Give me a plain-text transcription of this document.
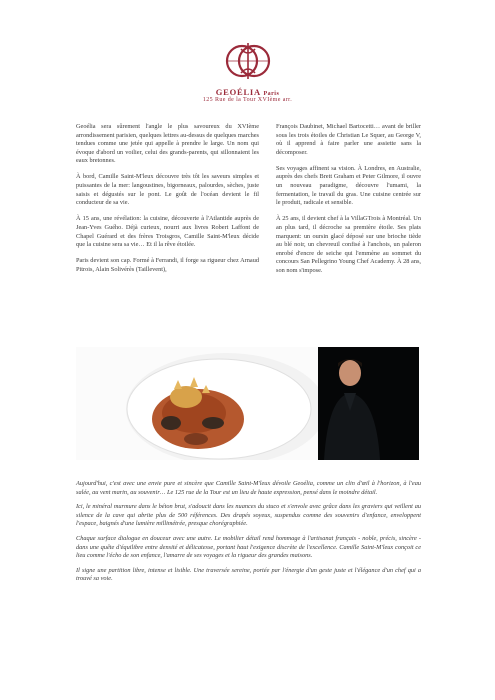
GEOÉLIA Paris
125 Rue de la Tour XVIème arr.

Geoélia sera sûrement l'angle le plus savoureux du XVIème arrondissement parisien, quelques lettres au-dessus de quelques marches tendues comme une jetée qui appelle à prendre le large. Un nom qui évoque d'abord un voilier, celui des grands-parents, qui sillonnaient les eaux bretonnes.

À bord, Camille Saint-M'leux découvre très tôt les saveurs simples et puissantes de la mer: langoustines, bigorneaux, palourdes, sèches, juste saisis et dégustés sur le pont. Le goût de l'océan devient le fil conducteur de sa vie.

À 15 ans, une révélation: la cuisine, découverte à l'Atlantide auprès de Jean-Yves Guého. Déjà curieux, nourri aux livres Robert Laffont de Chapel Guérard et des frères Troisgros, Camille Saint-M'leux décide que la cuisine sera sa vie… Et il la rêve étoilée.

Paris devient son cap. Formé à Ferrandi, il forge sa rigueur chez Arnaud Pitrois, Alain Solivérès (Taillevent),

François Daubinet, Michael Bartocetti… avant de briller sous les trois étoiles de Christian Le Squer, au George V, où il apprend à faire parler une assiette sans la décomposer.

Ses voyages affinent sa vision. À Londres, en Australie, auprès des chefs Brett Graham et Peter Gilmore, il ouvre un nouveau paradigme, découvre l'umami, la fermentation, le travail du gras. Une cuisine centrée sur le produit, radicale et sensible.

À 25 ans, il devient chef à la VillaGTrois à Montréal. Un an plus tard, il décroche sa première étoile. Ses plats marquent: un oursin glacé déposé sur une brioche tiède au blé noir, un chevreuil confisé à l'anchois, un paleron enrobé d'encre de seiche qui l'emmène au sommet du concours San Pellegrino Young Chef Academy. À 28 ans, son nom s'impose.

Aujourd'hui, c'est avec une envie pure et sincère que Camille Saint-M'leux dévoile Geoélia, comme un clin d'œil à l'horizon, à l'eau salée, au vent marin, au souvenir… Le 125 rue de la Tour est un lieu de haute expression, pensé dans le moindre détail.

Ici, le minéral murmure dans le béton brut, s'adoucit dans les nuances du stuco et s'envole avec grâce dans les graviers qui veillent au silence de la cave qui abrite plus de 500 références. Des drapés soyeux, suspendus comme des souvenirs d'enfance, enveloppent l'espace, baignés d'une lumière millimétrée, presque chorégraphiée.

Chaque surface dialogue en douceur avec une autre. Le mobilier détail rend hommage à l'artisanat français - noble, précis, sincère - dans une quête d'équilibre entre densité et délicatesse, portant haut l'exigence discrète de l'excellence. Camille Saint-M'leux conçoit ce lieu comme l'écho de son enfance, l'amarre de ses voyages et la rigueur des grandes maisons.

Il signe une partition libre, intense et lisible. Une traversée sereine, portée par l'énergie d'un geste juste et l'élégance d'un chef qui a trouvé sa voie.
